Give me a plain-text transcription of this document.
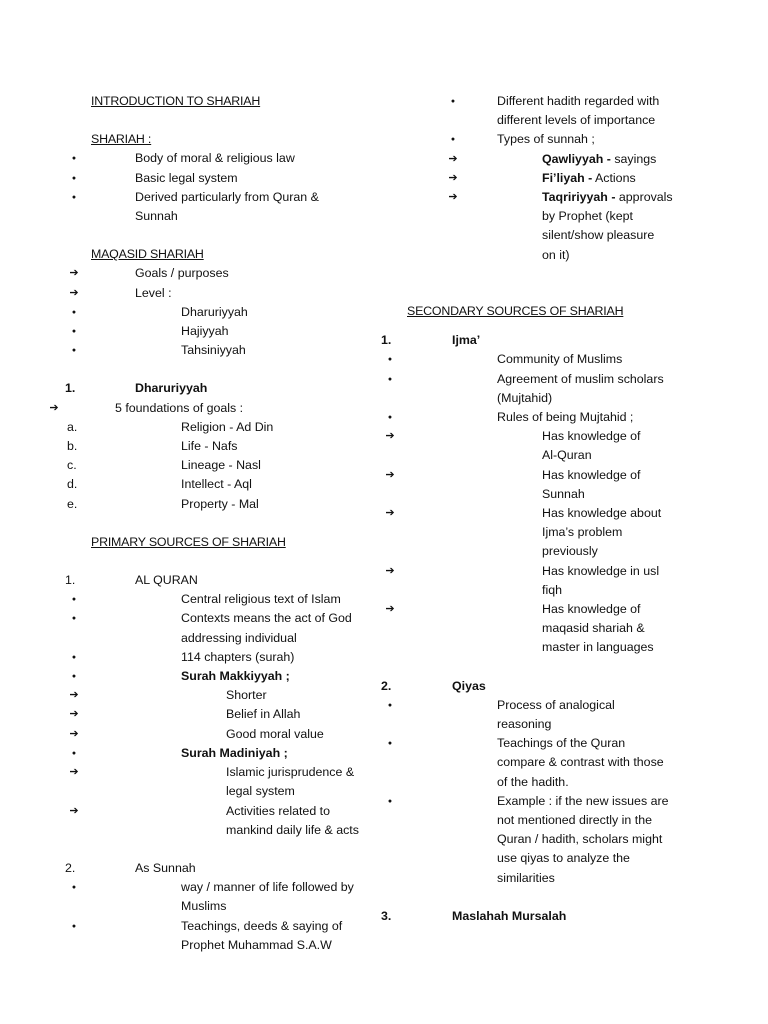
INTRODUCTION TO SHARIAH
SHARIAH :
●
Body of moral & religious law
●
Basic legal system
●
Derived particularly from Quran &
Sunnah
MAQASID SHARIAH
➔	Goals / purposes
➔	Level :
●
Dharuriyyah
●
Hajiyyah
●
Tahsiniyyah
1.	Dharuriyyah
➔	5 foundations of goals :
a.	Religion - Ad Din
b.	Life - Nafs
c.	Lineage - Nasl
d.	Intellect - Aql
e.	Property - Mal
PRIMARY SOURCES OF SHARIAH
1.	AL QURAN
●
Central religious text of Islam
●
Contexts means the act of God
addressing individual
●
114 chapters (surah)
●
Surah Makkiyyah ;
➔	Shorter
➔	Belief in Allah
➔	Good moral value
●
Surah Madiniyah ;
➔	Islamic jurisprudence &
legal system
➔	Activities related to
mankind daily life & acts
2.	As Sunnah
●
way / manner of life followed by
Muslims
●
Teachings, deeds & saying of
Prophet Muhammad S.A.W
●
Different hadith regarded with
different levels of importance
●
Types of sunnah ;
➔	Qawliyyah - sayings
➔	Fi’liyah - Actions
➔	Taqririyyah - approvals
by Prophet (kept
silent/show pleasure
on it)
SECONDARY SOURCES OF SHARIAH
1.	Ijma’
●
Community of Muslims
●
Agreement of muslim scholars
(Mujtahid)
●
Rules of being Mujtahid ;
➔	Has knowledge of
Al-Quran
➔	Has knowledge of
Sunnah
➔	Has knowledge about
Ijma’s problem
previously
➔	Has knowledge in usl
fiqh
➔	Has knowledge of
maqasid shariah &
master in languages
2.	Qiyas
●
Process of analogical
reasoning
●
Teachings of the Quran
compare & contrast with those
of the hadith.
●
Example : if the new issues are
not mentioned directly in the
Quran / hadith, scholars might
use qiyas to analyze the
similarities
3.	Maslahah Mursalah
